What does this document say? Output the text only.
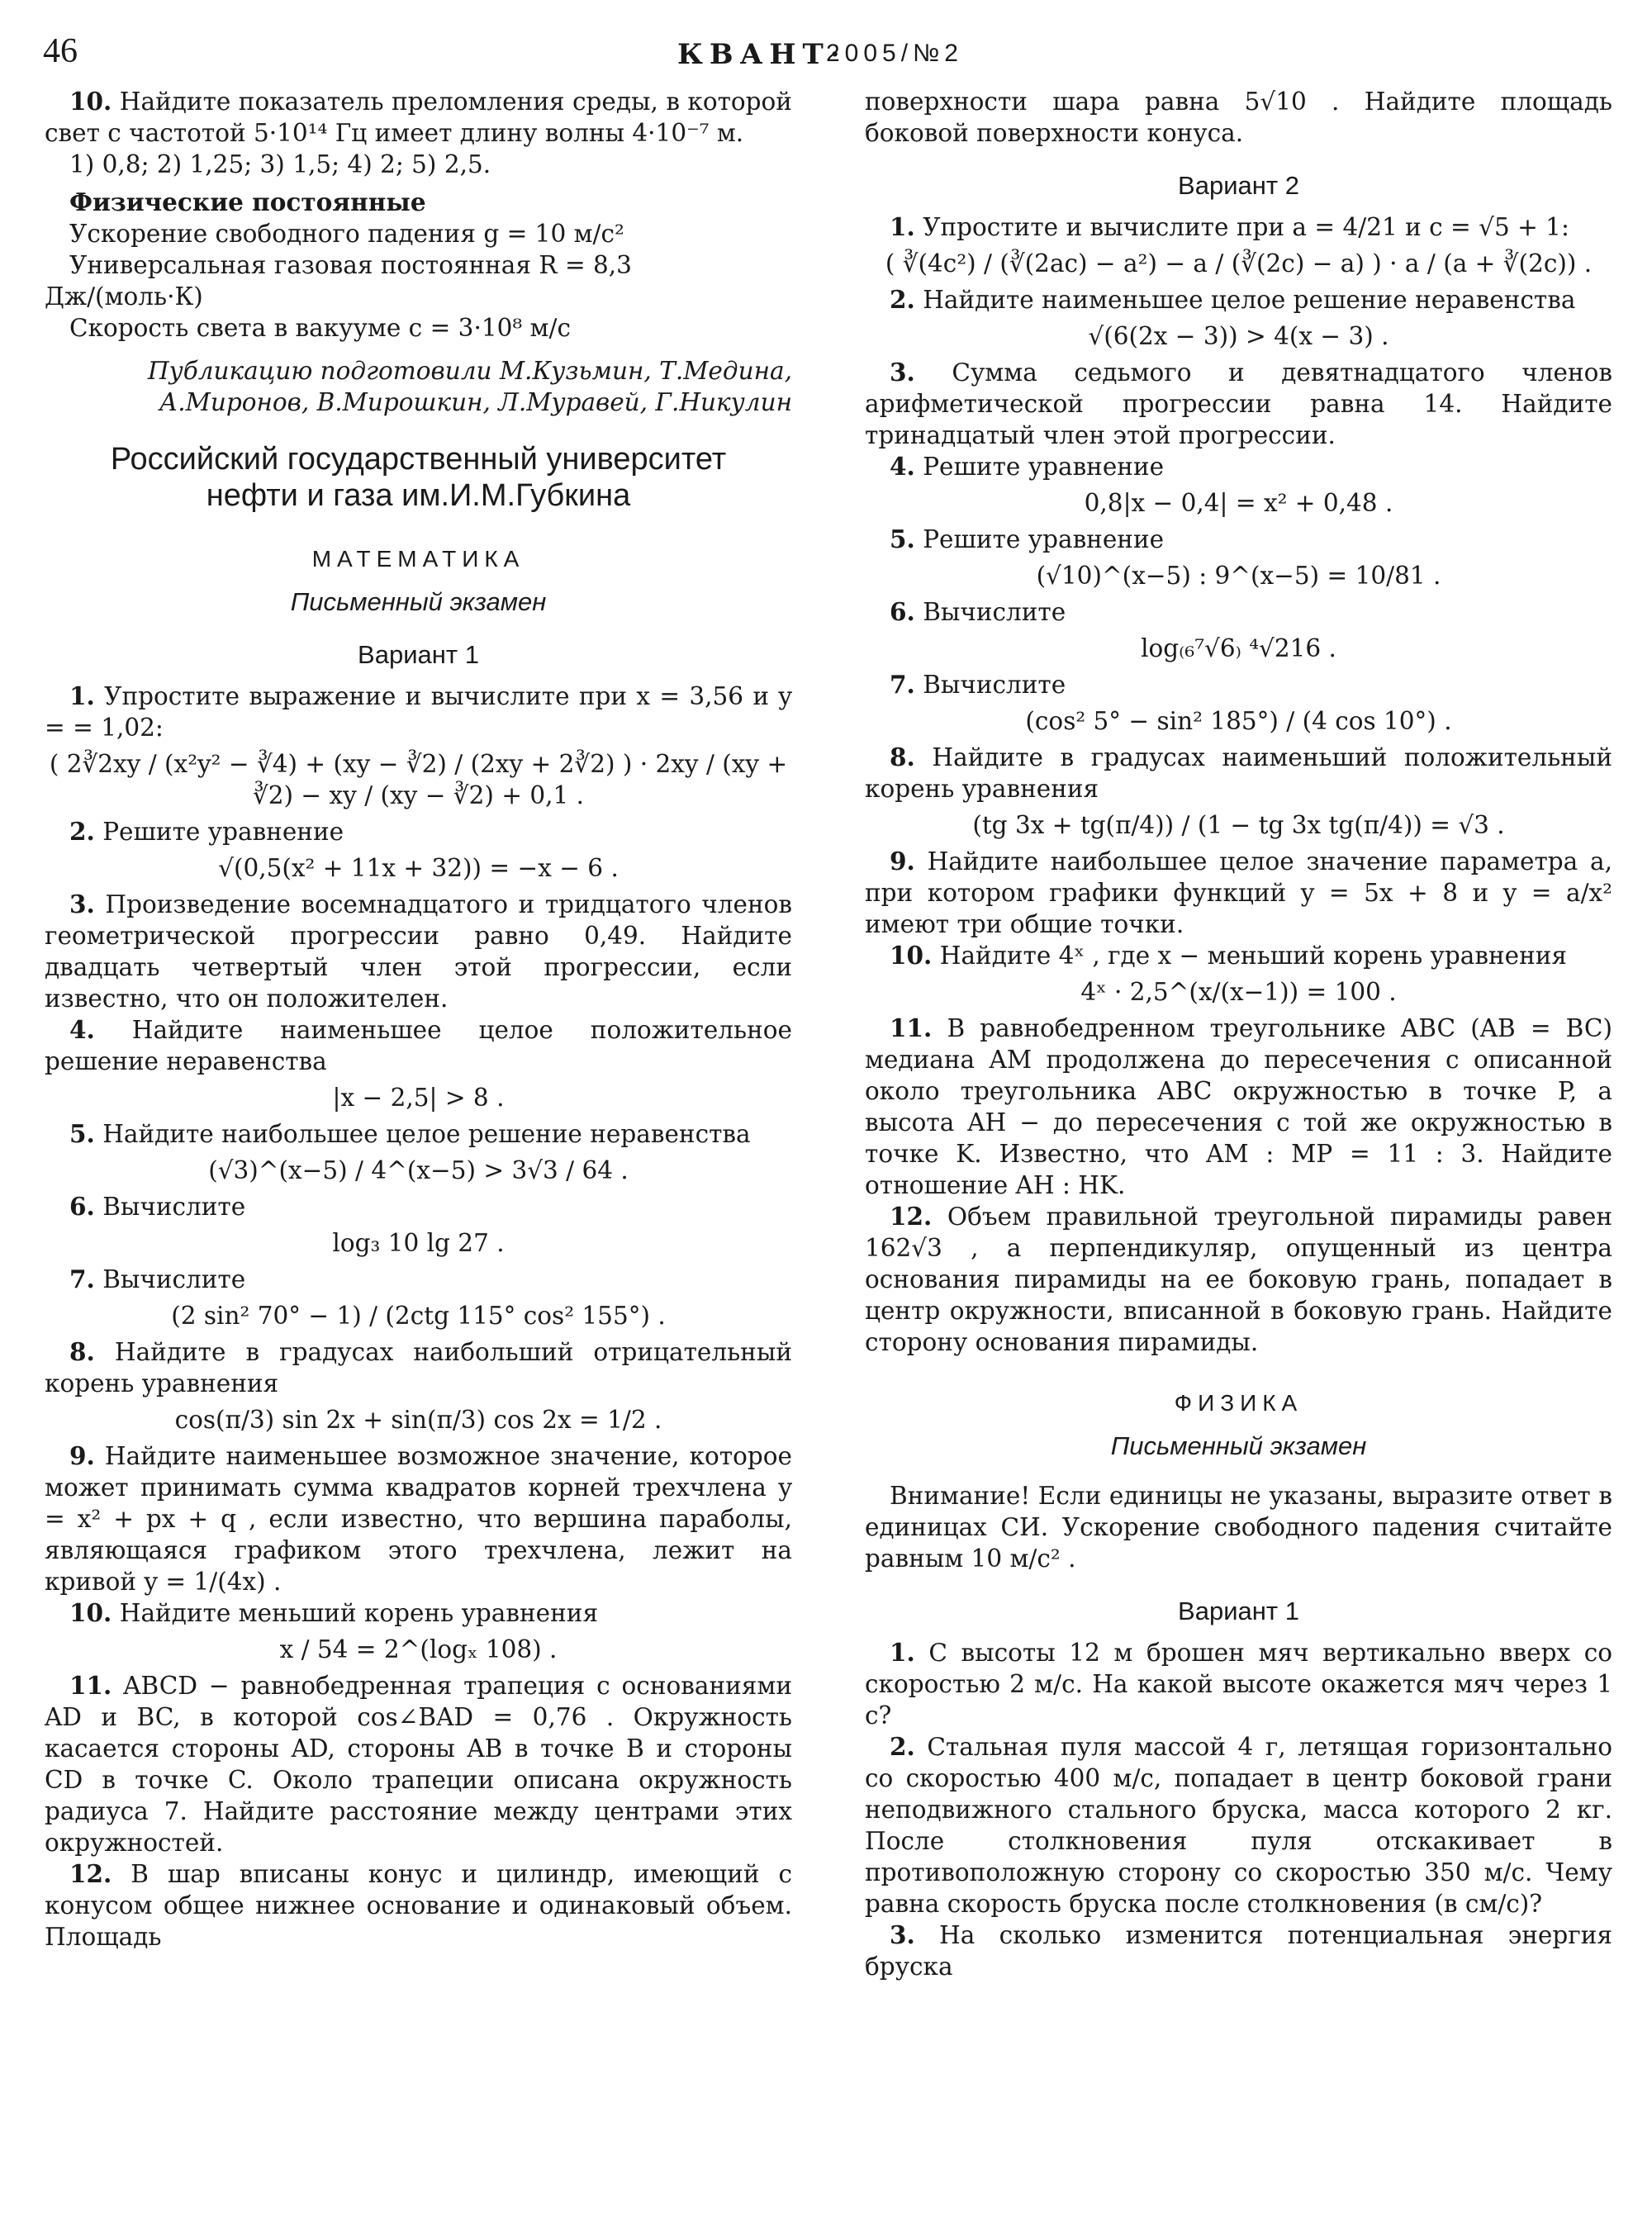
46	КВАНТ·
2005/№2

10. Найдите показатель преломления среды, в которой свет с частотой 5·10¹⁴ Гц имеет длину волны 4·10⁻⁷ м.

1) 0,8; 2) 1,25; 3) 1,5; 4) 2; 5) 2,5.

Физические постоянные

Ускорение свободного падения g = 10 м/с²

Универсальная газовая постоянная R = 8,3 Дж/(моль·К)

Скорость света в вакууме c = 3·10⁸ м/с

Публикацию подготовили М.Кузьмин, Т.Медина,

А.Миронов, В.Мирошкин, Л.Муравей, Г.Никулин

Российский государственный университет
нефти и газа им.И.М.Губкина

МАТЕМАТИКА

Письменный экзамен

Вариант 1

1. Упростите выражение и вычислите при x = 3,56 и y = = 1,02:

( 2∛2xy / (x²y² − ∛4) + (xy − ∛2) / (2xy + 2∛2) ) · 2xy / (xy + ∛2) − xy / (xy − ∛2) + 0,1 .

2. Решите уравнение

√(0,5(x² + 11x + 32)) = −x − 6 .

3. Произведение восемнадцатого и тридцатого членов геометрической прогрессии равно 0,49. Найдите двадцать четвертый член этой прогрессии, если известно, что он положителен.

4. Найдите наименьшее целое положительное решение неравенства

|x − 2,5| > 8 .

5. Найдите наибольшее целое решение неравенства

(√3)^(x−5) / 4^(x−5) > 3√3 / 64 .

6. Вычислите

log₃ 10 lg 27 .

7. Вычислите

(2 sin² 70° − 1) / (2ctg 115° cos² 155°) .

8. Найдите в градусах наибольший отрицательный корень уравнения

cos(π/3) sin 2x + sin(π/3) cos 2x = 1/2 .

9. Найдите наименьшее возможное значение, которое может принимать сумма квадратов корней трехчлена y = x² + px + q , если известно, что вершина параболы, являющаяся графиком этого трехчлена, лежит на кривой y = 1/(4x) .

10. Найдите меньший корень уравнения

x / 54 = 2^(logₓ 108) .

11. ABCD − равнобедренная трапеция с основаниями AD и BC, в которой cos∠BAD = 0,76 . Окружность касается стороны AD, стороны AB в точке B и стороны CD в точке C. Около трапеции описана окружность радиуса 7. Найдите расстояние между центрами этих окружностей.

12. В шар вписаны конус и цилиндр, имеющий с конусом общее нижнее основание и одинаковый объем. Площадь

поверхности шара равна 5√10 . Найдите площадь боковой поверхности конуса.

Вариант 2

1. Упростите и вычислите при a = 4/21 и c = √5 + 1:

( ∛(4c²) / (∛(2ac) − a²) − a / (∛(2c) − a) ) · a / (a + ∛(2c)) .

2. Найдите наименьшее целое решение неравенства

√(6(2x − 3)) > 4(x − 3) .

3. Сумма седьмого и девятнадцатого членов арифметической прогрессии равна 14. Найдите тринадцатый член этой прогрессии.

4. Решите уравнение

0,8|x − 0,4| = x² + 0,48 .

5. Решите уравнение

(√10)^(x−5) : 9^(x−5) = 10/81 .

6. Вычислите

log₍₆⁷√6₎ ⁴√216 .

7. Вычислите

(cos² 5° − sin² 185°) / (4 cos 10°) .

8. Найдите в градусах наименьший положительный корень уравнения

(tg 3x + tg(π/4)) / (1 − tg 3x tg(π/4)) = √3 .

9. Найдите наибольшее целое значение параметра a, при котором графики функций y = 5x + 8 и y = a/x² имеют три общие точки.

10. Найдите 4ˣ , где x − меньший корень уравнения

4ˣ · 2,5^(x/(x−1)) = 100 .

11. В равнобедренном треугольнике ABC (AB = BC) медиана AM продолжена до пересечения с описанной около треугольника ABC окружностью в точке P, а высота AH − до пересечения с той же окружностью в точке K. Известно, что AM : MP = 11 : 3. Найдите отношение AH : HK.

12. Объем правильной треугольной пирамиды равен 162√3 , а перпендикуляр, опущенный из центра основания пирамиды на ее боковую грань, попадает в центр окружности, вписанной в боковую грань. Найдите сторону основания пирамиды.

ФИЗИКА

Письменный экзамен

Внимание! Если единицы не указаны, выразите ответ в единицах СИ. Ускорение свободного падения считайте равным 10 м/с² .

Вариант 1

1. С высоты 12 м брошен мяч вертикально вверх со скоростью 2 м/с. На какой высоте окажется мяч через 1 с?

2. Стальная пуля массой 4 г, летящая горизонтально со скоростью 400 м/с, попадает в центр боковой грани неподвижного стального бруска, масса которого 2 кг. После столкновения пуля отскакивает в противоположную сторону со скоростью 350 м/с. Чему равна скорость бруска после столкновения (в см/с)?

3. На сколько изменится потенциальная энергия бруска
